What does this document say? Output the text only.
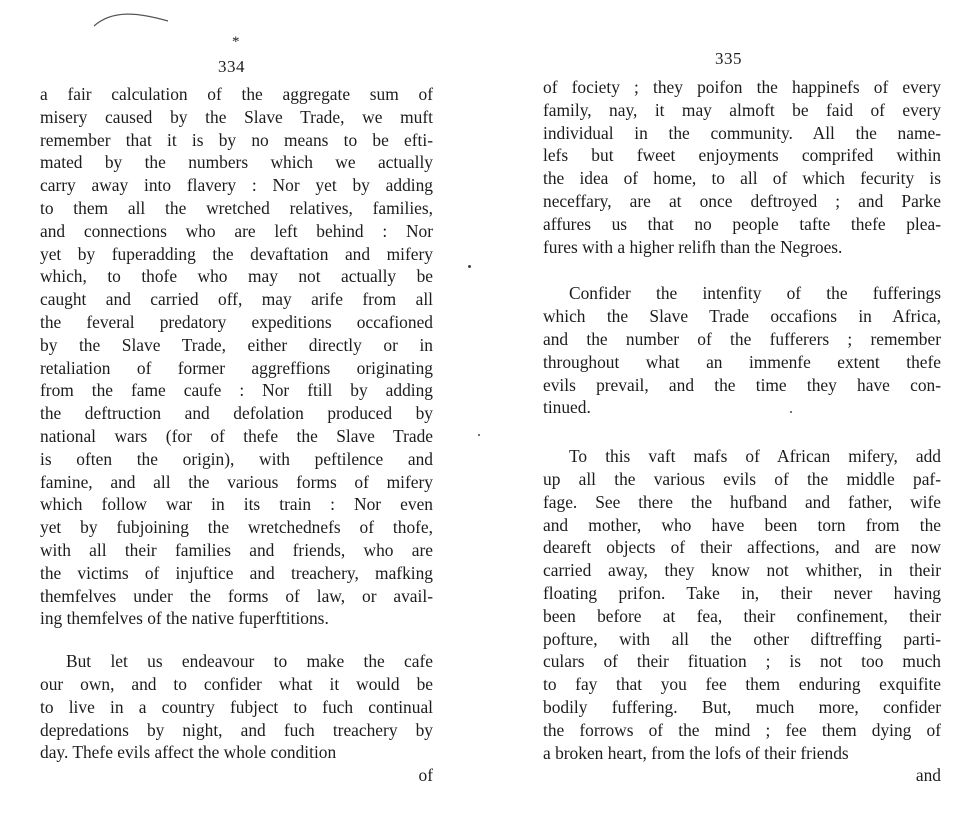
*
334
a fair calculation of the aggregate sum of
misery caused by the Slave Trade, we muft
remember that it is by no means to be efti-
mated by the numbers which we actually
carry away into flavery : Nor yet by adding
to them all the wretched relatives, families,
and connections who are left behind : Nor
yet by fuperadding the devaftation and mifery
which, to thofe who may not actually be
caught and carried off, may arife from all
the feveral predatory expeditions occafioned
by the Slave Trade, either directly or in
retaliation of former aggreffions originating
from the fame caufe : Nor ftill by adding
the deftruction and defolation produced by
national wars (for of thefe the Slave Trade
is often the origin), with peftilence and
famine, and all the various forms of mifery
which follow war in its train : Nor even
yet by fubjoining the wretchednefs of thofe,
with all their families and friends, who are
the victims of injuftice and treachery, mafking
themfelves under the forms of law, or avail-
ing themfelves of the native fuperftitions.
But let us endeavour to make the cafe
our own, and to confider what it would be
to live in a country fubject to fuch continual
depredations by night, and fuch treachery by
day. Thefe evils affect the whole condition
of
335
of fociety ; they poifon the happinefs of every
family, nay, it may almoft be faid of every
individual in the community. All the name-
lefs but fweet enjoyments comprifed within
the idea of home, to all of which fecurity is
neceffary, are at once deftroyed ; and Parke
affures us that no people tafte thefe plea-
fures with a higher relifh than the Negroes.
Confider the intenfity of the fufferings
which the Slave Trade occafions in Africa,
and the number of the fufferers ; remember
throughout what an immenfe extent thefe
evils prevail, and the time they have con-
tinued.
To this vaft mafs of African mifery, add
up all the various evils of the middle paf-
fage. See there the hufband and father, wife
and mother, who have been torn from the
deareft objects of their affections, and are now
carried away, they know not whither, in their
floating prifon. Take in, their never having
been before at fea, their confinement, their
pofture, with all the other diftreffing parti-
culars of their fituation ; is not too much
to fay that you fee them enduring exquifite
bodily fuffering. But, much more, confider
the forrows of the mind ; fee them dying of
a broken heart, from the lofs of their friends
and
